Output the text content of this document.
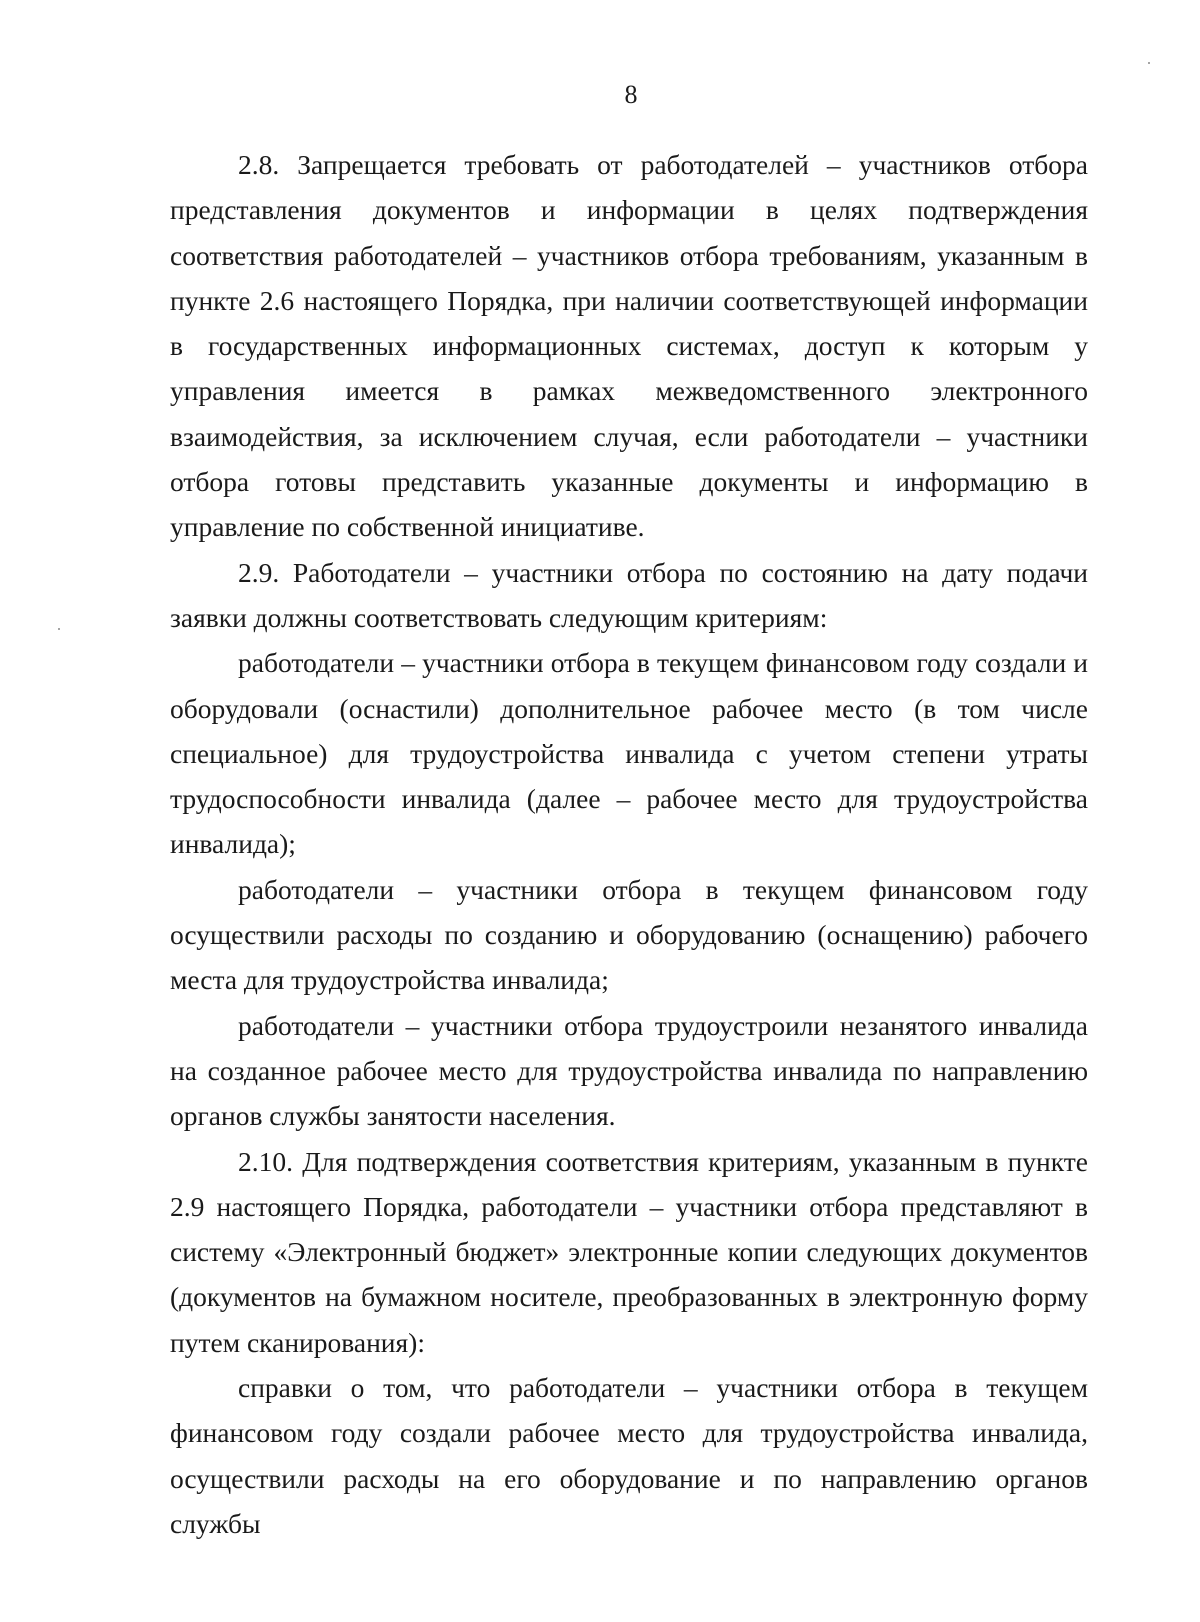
8

2.8. Запрещается требовать от работодателей – участников отбора представления документов и информации в целях подтверждения соответствия работодателей – участников отбора требованиям, указанным в пункте 2.6 настоящего Порядка, при наличии соответствующей информации в государственных информационных системах, доступ к которым у управления имеется в рамках межведомственного электронного взаимодействия, за исключением случая, если работодатели – участники отбора готовы представить указанные документы и информацию в управление по собственной инициативе.

2.9. Работодатели – участники отбора по состоянию на дату подачи заявки должны соответствовать следующим критериям:

работодатели – участники отбора в текущем финансовом году создали и оборудовали (оснастили) дополнительное рабочее место (в том числе специальное) для трудоустройства инвалида с учетом степени утраты трудоспособности инвалида (далее – рабочее место для трудоустройства инвалида);

работодатели – участники отбора в текущем финансовом году осуществили расходы по созданию и оборудованию (оснащению) рабочего места для трудоустройства инвалида;

работодатели – участники отбора трудоустроили незанятого инвалида на созданное рабочее место для трудоустройства инвалида по направлению органов службы занятости населения.

2.10. Для подтверждения соответствия критериям, указанным в пункте 2.9 настоящего Порядка, работодатели – участники отбора представляют в систему «Электронный бюджет» электронные копии следующих документов (документов на бумажном носителе, преобразованных в электронную форму путем сканирования):

справки о том, что работодатели – участники отбора в текущем финансовом году создали рабочее место для трудоустройства инвалида, осуществили расходы на его оборудование и по направлению органов службы
